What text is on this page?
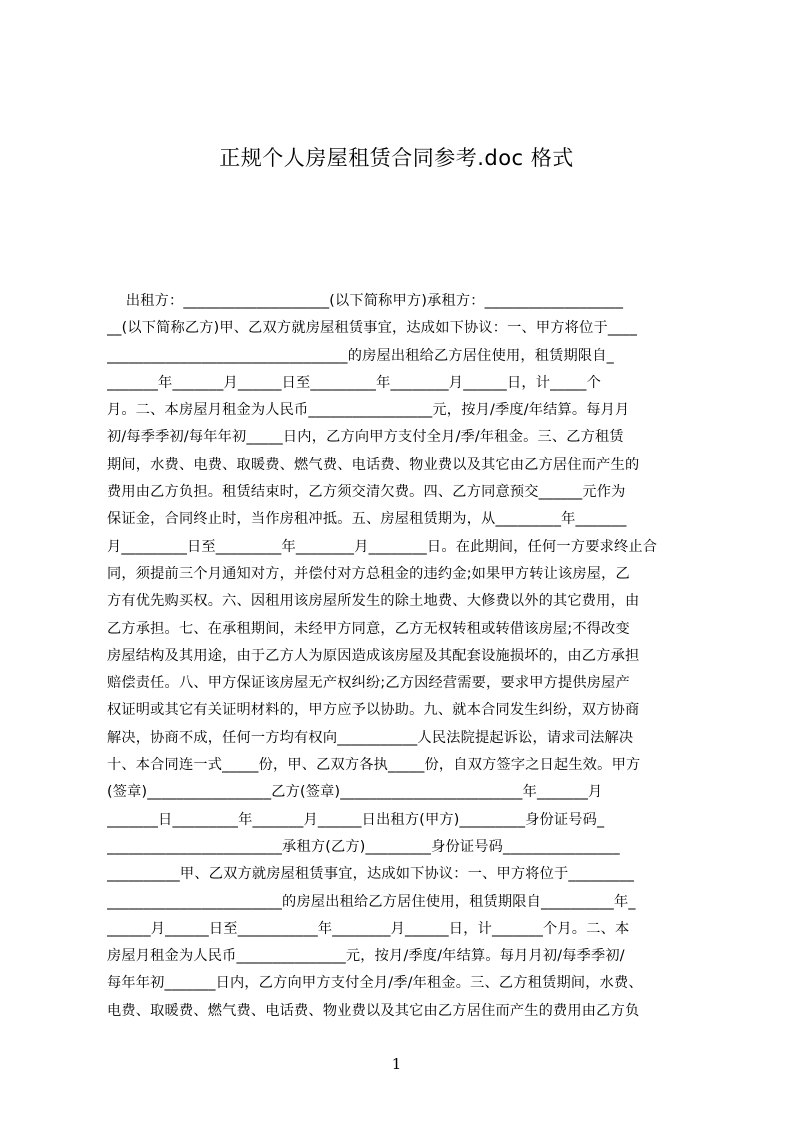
正规个人房屋租赁合同参考.doc 格式
出租方：____________________(以下简称甲方)承租方：___________________
__(以下简称乙方)甲、乙双方就房屋租赁事宜，达成如下协议：一、甲方将位于____
_________________________________的房屋出租给乙方居住使用，租赁期限自_
_______年_______月______日至_________年________月______日，计_____个
月。二、本房屋月租金为人民币_________________元，按月/季度/年结算。每月月
初/每季季初/每年年初_____日内，乙方向甲方支付全月/季/年租金。三、乙方租赁
期间，水费、电费、取暖费、燃气费、电话费、物业费以及其它由乙方居住而产生的
费用由乙方负担。租赁结束时，乙方须交清欠费。四、乙方同意预交______元作为
保证金，合同终止时，当作房租冲抵。五、房屋租赁期为，从_________年_______
月_________日至_________年________月________日。在此期间，任何一方要求终止合
同，须提前三个月通知对方，并偿付对方总租金的违约金;如果甲方转让该房屋，乙
方有优先购买权。六、因租用该房屋所发生的除土地费、大修费以外的其它费用，由
乙方承担。七、在承租期间，未经甲方同意，乙方无权转租或转借该房屋;不得改变
房屋结构及其用途，由于乙方人为原因造成该房屋及其配套设施损坏的，由乙方承担
赔偿责任。八、甲方保证该房屋无产权纠纷;乙方因经营需要，要求甲方提供房屋产
权证明或其它有关证明材料的，甲方应予以协助。九、就本合同发生纠纷，双方协商
解决，协商不成，任何一方均有权向___________人民法院提起诉讼，请求司法解决
十、本合同连一式_____份，甲、乙双方各执_____份，自双方签字之日起生效。甲方
(签章)_________________乙方(签章)_________________________年_______月
_______日_________年_______月______日出租方(甲方)_________身份证号码_
________________________承租方(乙方)_________身份证号码________________
__________甲、乙双方就房屋租赁事宜，达成如下协议：一、甲方将位于_________
________________________的房屋出租给乙方居住使用，租赁期限自__________年_
______月______日至___________年________月______日，计_______个月。二、本
房屋月租金为人民币_______________元，按月/季度/年结算。每月月初/每季季初/
每年年初_______日内，乙方向甲方支付全月/季/年租金。三、乙方租赁期间，水费、
电费、取暖费、燃气费、电话费、物业费以及其它由乙方居住而产生的费用由乙方负
1
